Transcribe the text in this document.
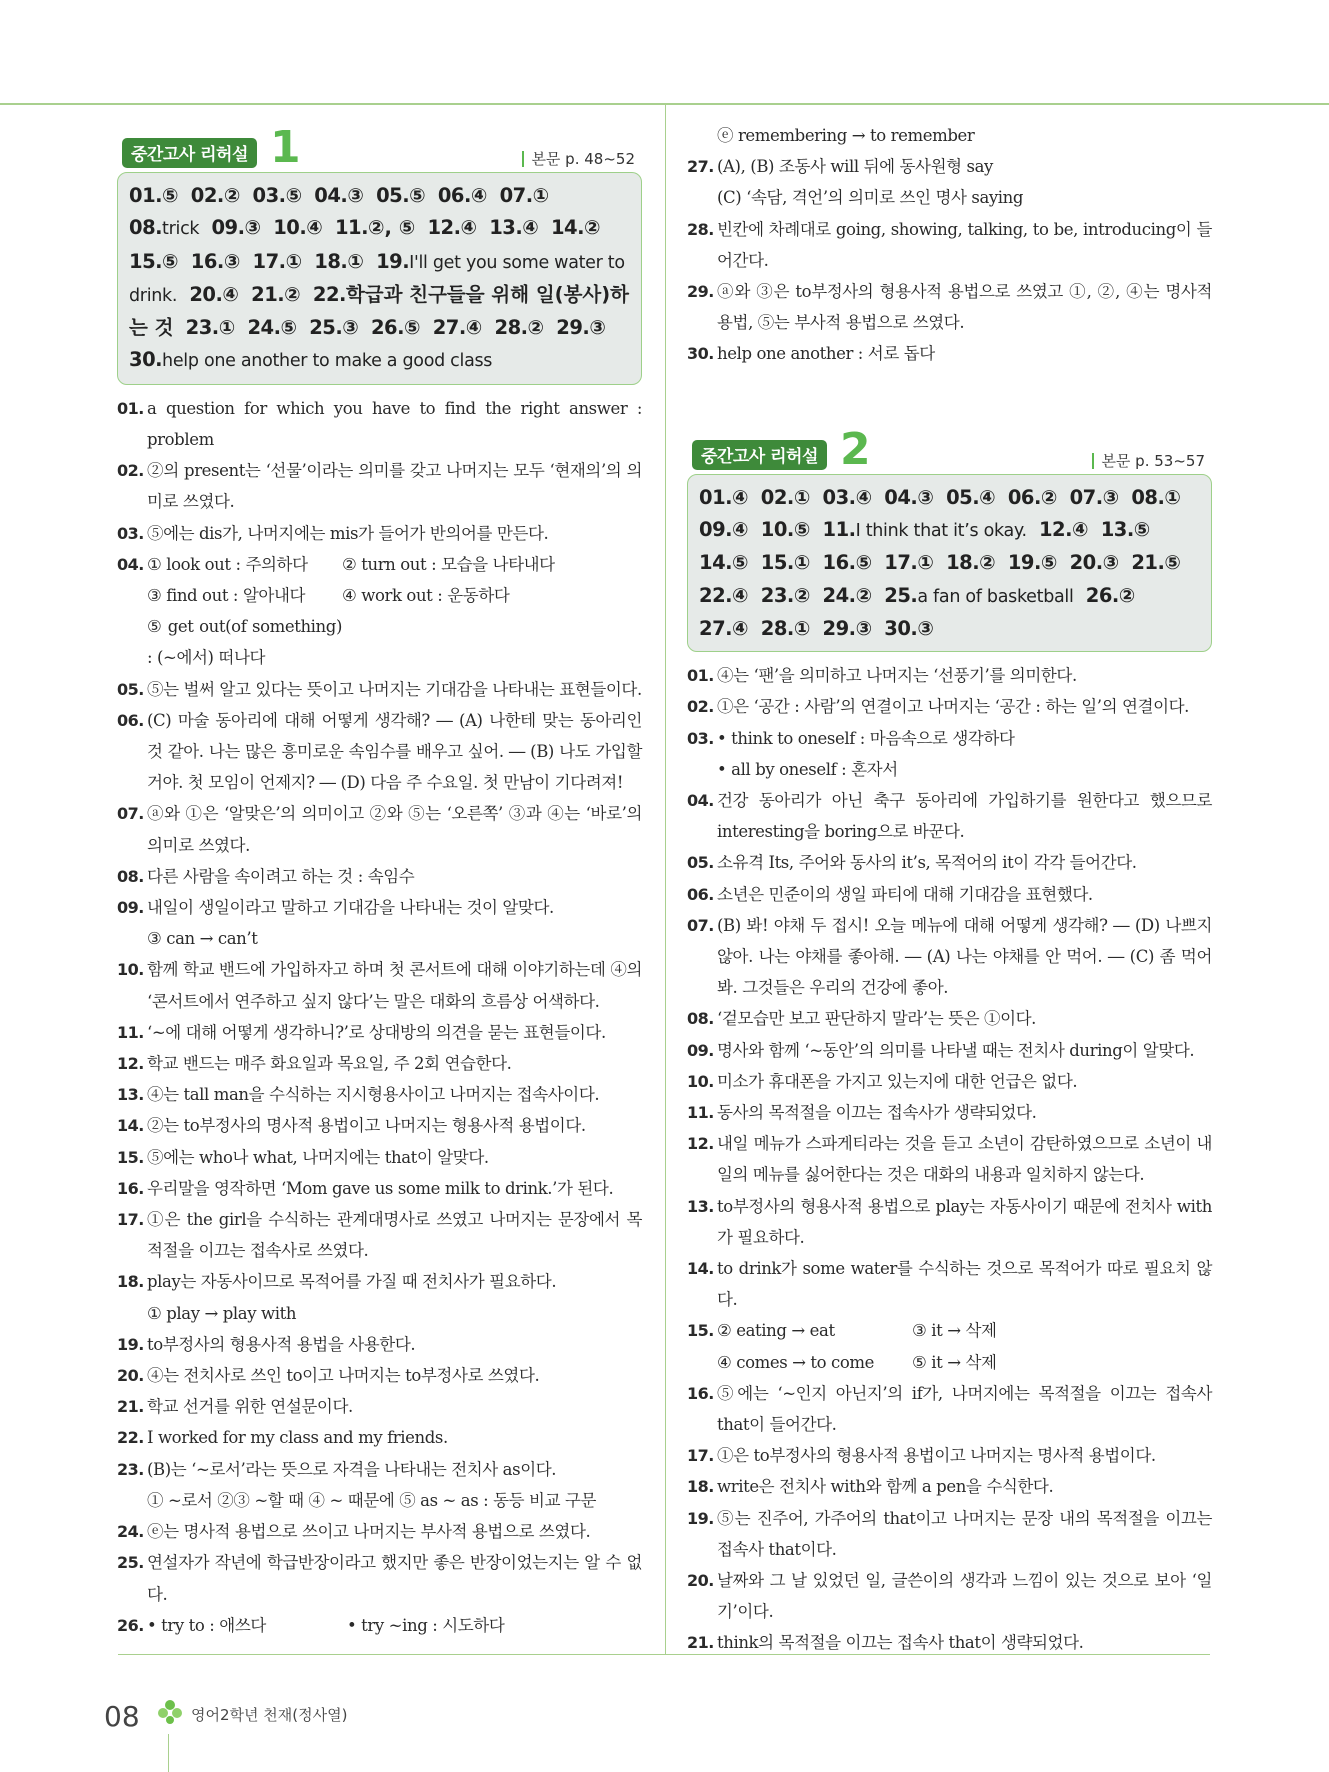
중간고사 리허설 1	본문 p. 48~52
01.⑤ 02.② 03.⑤ 04.③ 05.⑤ 06.④ 07.① 08.trick 09.③ 10.④ 11.②, ⑤ 12.④ 13.④ 14.② 15.⑤ 16.③ 17.① 18.① 19.I'll get you some water to drink. 20.④ 21.② 22.학급과 친구들을 위해 일(봉사)하는 것 23.① 24.⑤ 25.③ 26.⑤ 27.④ 28.② 29.③ 30.help one another to make a good class
01. a question for which you have to find the right answer : problem
02. ②의 present는 ‘선물’이라는 의미를 갖고 나머지는 모두 ‘현재의’의 의미로 쓰였다.
03. ⑤에는 dis가, 나머지에는 mis가 들어가 반의어를 만든다.
04. ① look out : 주의하다	② turn out : 모습을 나타내다
③ find out : 알아내다	④ work out : 운동하다
⑤ get out(of something) : (~에서) 떠나다
05. ⑤는 벌써 알고 있다는 뜻이고 나머지는 기대감을 나타내는 표현들이다.
06. (C) 마술 동아리에 대해 어떻게 생각해? ― (A) 나한테 맞는 동아리인 것 같아. 나는 많은 흥미로운 속임수를 배우고 싶어. ― (B) 나도 가입할거야. 첫 모임이 언제지? ― (D) 다음 주 수요일. 첫 만남이 기다려져!
07. ⓐ와 ①은 ‘알맞은’의 의미이고 ②와 ⑤는 ‘오른쪽’ ③과 ④는 ‘바로’의 의미로 쓰였다.
08. 다른 사람을 속이려고 하는 것 : 속임수
09. 내일이 생일이라고 말하고 기대감을 나타내는 것이 알맞다.
③ can → can’t
10. 함께 학교 밴드에 가입하자고 하며 첫 콘서트에 대해 이야기하는데 ④의 ‘콘서트에서 연주하고 싶지 않다’는 말은 대화의 흐름상 어색하다.
11. ‘~에 대해 어떻게 생각하니?’로 상대방의 의견을 묻는 표현들이다.
12. 학교 밴드는 매주 화요일과 목요일, 주 2회 연습한다.
13. ④는 tall man을 수식하는 지시형용사이고 나머지는 접속사이다.
14. ②는 to부정사의 명사적 용법이고 나머지는 형용사적 용법이다.
15. ⑤에는 who나 what, 나머지에는 that이 알맞다.
16. 우리말을 영작하면 ‘Mom gave us some milk to drink.’가 된다.
17. ①은 the girl을 수식하는 관계대명사로 쓰였고 나머지는 문장에서 목적절을 이끄는 접속사로 쓰였다.
18. play는 자동사이므로 목적어를 가질 때 전치사가 필요하다.
① play → play with
19. to부정사의 형용사적 용법을 사용한다.
20. ④는 전치사로 쓰인 to이고 나머지는 to부정사로 쓰였다.
21. 학교 선거를 위한 연설문이다.
22. I worked for my class and my friends.
23. (B)는 ‘~로서’라는 뜻으로 자격을 나타내는 전치사 as이다.
① ~로서 ②③ ~할 때 ④ ~ 때문에 ⑤ as ~ as : 동등 비교 구문
24. ⓔ는 명사적 용법으로 쓰이고 나머지는 부사적 용법으로 쓰였다.
25. 연설자가 작년에 학급반장이라고 했지만 좋은 반장이었는지는 알 수 없다.
26. • try to : 애쓰다	• try ~ing : 시도하다
ⓔ remembering → to remember
27. (A), (B) 조동사 will 뒤에 동사원형 say
(C) ‘속담, 격언’의 의미로 쓰인 명사 saying
28. 빈칸에 차례대로 going, showing, talking, to be, introducing이 들어간다.
29. ⓐ와 ③은 to부정사의 형용사적 용법으로 쓰였고 ①, ②, ④는 명사적 용법, ⑤는 부사적 용법으로 쓰였다.
30. help one another : 서로 돕다
중간고사 리허설 2	본문 p. 53~57
01.④ 02.① 03.④ 04.③ 05.④ 06.② 07.③ 08.① 09.④ 10.⑤ 11.I think that it’s okay. 12.④ 13.⑤ 14.⑤ 15.① 16.⑤ 17.① 18.② 19.⑤ 20.③ 21.⑤ 22.④ 23.② 24.② 25.a fan of basketball 26.② 27.④ 28.① 29.③ 30.③
01. ④는 ‘팬’을 의미하고 나머지는 ‘선풍기’를 의미한다.
02. ①은 ‘공간 : 사람’의 연결이고 나머지는 ‘공간 : 하는 일’의 연결이다.
03. • think to oneself : 마음속으로 생각하다
• all by oneself : 혼자서
04. 건강 동아리가 아닌 축구 동아리에 가입하기를 원한다고 했으므로 interesting을 boring으로 바꾼다.
05. 소유격 Its, 주어와 동사의 it’s, 목적어의 it이 각각 들어간다.
06. 소년은 민준이의 생일 파티에 대해 기대감을 표현했다.
07. (B) 봐! 야채 두 접시! 오늘 메뉴에 대해 어떻게 생각해? ― (D) 나쁘지 않아. 나는 야채를 좋아해. ― (A) 나는 야채를 안 먹어. ― (C) 좀 먹어봐. 그것들은 우리의 건강에 좋아.
08. ‘겉모습만 보고 판단하지 말라’는 뜻은 ①이다.
09. 명사와 함께 ‘~동안’의 의미를 나타낼 때는 전치사 during이 알맞다.
10. 미소가 휴대폰을 가지고 있는지에 대한 언급은 없다.
11. 동사의 목적절을 이끄는 접속사가 생략되었다.
12. 내일 메뉴가 스파게티라는 것을 듣고 소년이 감탄하였으므로 소년이 내일의 메뉴를 싫어한다는 것은 대화의 내용과 일치하지 않는다.
13. to부정사의 형용사적 용법으로 play는 자동사이기 때문에 전치사 with가 필요하다.
14. to drink가 some water를 수식하는 것으로 목적어가 따로 필요치 않다.
15. ② eating → eat	③ it → 삭제
④ comes → to come	⑤ it → 삭제
16. ⑤에는 ‘~인지 아닌지’의 if가, 나머지에는 목적절을 이끄는 접속사 that이 들어간다.
17. ①은 to부정사의 형용사적 용법이고 나머지는 명사적 용법이다.
18. write은 전치사 with와 함께 a pen을 수식한다.
19. ⑤는 진주어, 가주어의 that이고 나머지는 문장 내의 목적절을 이끄는 접속사 that이다.
20. 날짜와 그 날 있었던 일, 글쓴이의 생각과 느낌이 있는 것으로 보아 ‘일기’이다.
21. think의 목적절을 이끄는 접속사 that이 생략되었다.
08	영어2학년 천재(정사열)
